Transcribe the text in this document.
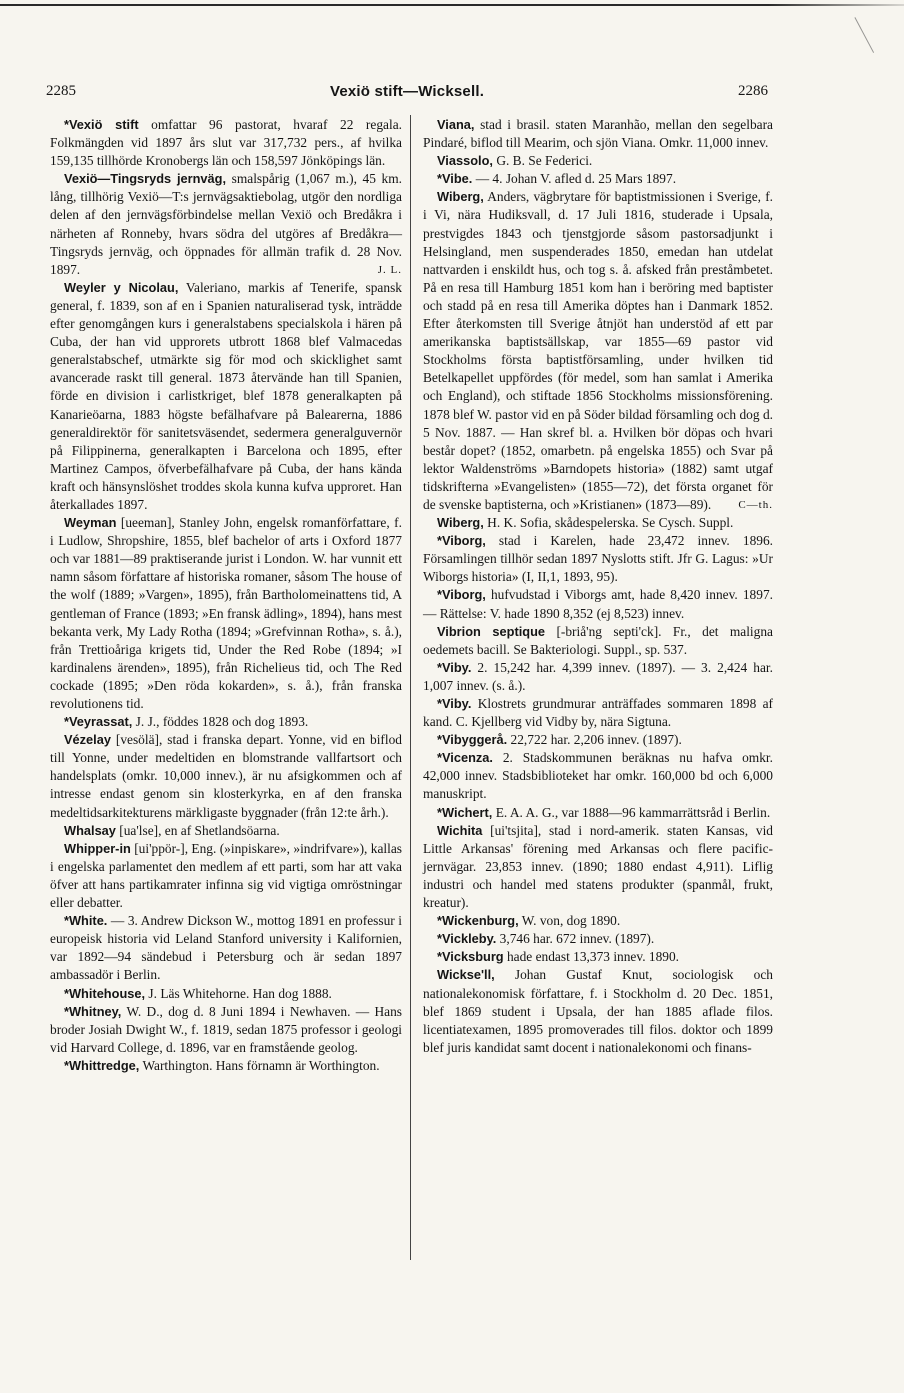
2285	Vexiö stift—Wicksell.	2286

*Vexiö stift omfattar 96 pastorat, hvaraf 22 regala. Folkmängden vid 1897 års slut var 317,732 pers., af hvilka 159,135 tillhörde Kronobergs län och 158,597 Jönköpings län.

Vexiö—Tingsryds jernväg, smalspårig (1,067 m.), 45 km. lång, tillhörig Vexiö—T:s jernvägsaktiebolag, utgör den nordliga delen af den jernvägsförbindelse mellan Vexiö och Bredåkra i närheten af Ronneby, hvars södra del utgöres af Bredåkra—Tingsryds jernväg, och öppnades för allmän trafik d. 28 Nov. 1897.	J. L.

Weyler y Nicolau, Valeriano, markis af Tenerife, spansk general, f. 1839, son af en i Spanien naturaliserad tysk, inträdde efter genomgången kurs i generalstabens specialskola i hären på Cuba, der han vid upprorets utbrott 1868 blef Valmacedas generalstabschef, utmärkte sig för mod och skicklighet samt avancerade raskt till general. 1873 återvände han till Spanien, förde en division i carlistkriget, blef 1878 generalkapten på Kanarieöarna, 1883 högste befälhafvare på Balearerna, 1886 generaldirektör för sanitetsväsendet, sedermera generalguvernör på Filippinerna, generalkapten i Barcelona och 1895, efter Martinez Campos, öfverbefälhafvare på Cuba, der hans kända kraft och hänsynslöshet troddes skola kunna kufva upproret. Han återkallades 1897.

Weyman [ueeman], Stanley John, engelsk romanförfattare, f. i Ludlow, Shropshire, 1855, blef bachelor of arts i Oxford 1877 och var 1881—89 praktiserande jurist i London. W. har vunnit ett namn såsom författare af historiska romaner, såsom The house of the wolf (1889; »Vargen», 1895), från Bartholomeinattens tid, A gentleman of France (1893; »En fransk ädling», 1894), hans mest bekanta verk, My Lady Rotha (1894; »Grefvinnan Rotha», s. å.), från Trettioåriga krigets tid, Under the Red Robe (1894; »I kardinalens ärenden», 1895), från Richelieus tid, och The Red cockade (1895; »Den röda kokarden», s. å.), från franska revolutionens tid.

*Veyrassat, J. J., föddes 1828 och dog 1893.

Vézelay [vesölä], stad i franska depart. Yonne, vid en biflod till Yonne, under medeltiden en blomstrande vallfartsort och handelsplats (omkr. 10,000 innev.), är nu afsigkommen och af intresse endast genom sin klosterkyrka, en af den franska medeltidsarkitekturens märkligaste byggnader (från 12:te årh.).

Whalsay [ua'lse], en af Shetlandsöarna.

Whipper-in [ui'ppör-], Eng. (»inpiskare», »indrifvare»), kallas i engelska parlamentet den medlem af ett parti, som har att vaka öfver att hans partikamrater infinna sig vid vigtiga omröstningar eller debatter.

*White. — 3. Andrew Dickson W., mottog 1891 en professur i europeisk historia vid Leland Stanford university i Kalifornien, var 1892—94 sändebud i Petersburg och är sedan 1897 ambassadör i Berlin.

*Whitehouse, J. Läs Whitehorne. Han dog 1888.

*Whitney, W. D., dog d. 8 Juni 1894 i Newhaven. — Hans broder Josiah Dwight W., f. 1819, sedan 1875 professor i geologi vid Harvard College, d. 1896, var en framstående geolog.

*Whittredge, Warthington. Hans förnamn är Worthington.

Viana, stad i brasil. staten Maranhão, mellan den segelbara Pindaré, biflod till Mearim, och sjön Viana. Omkr. 11,000 innev.

Viassolo, G. B. Se Federici.

*Vibe. — 4. Johan V. afled d. 25 Mars 1897.

Wiberg, Anders, vägbrytare för baptistmissionen i Sverige, f. i Vi, nära Hudiksvall, d. 17 Juli 1816, studerade i Upsala, prestvigdes 1843 och tjenstgjorde såsom pastorsadjunkt i Helsingland, men suspenderades 1850, emedan han utdelat nattvarden i enskildt hus, och tog s. å. afsked från preståmbetet. På en resa till Hamburg 1851 kom han i beröring med baptister och stadd på en resa till Amerika döptes han i Danmark 1852. Efter återkomsten till Sverige åtnjöt han understöd af ett par amerikanska baptistsällskap, var 1855—69 pastor vid Stockholms första baptistförsamling, under hvilken tid Betelkapellet uppfördes (för medel, som han samlat i Amerika och England), och stiftade 1856 Stockholms missionsförening. 1878 blef W. pastor vid en på Söder bildad församling och dog d. 5 Nov. 1887. — Han skref bl. a. Hvilken bör döpas och hvari består dopet? (1852, omarbetn. på engelska 1855) och Svar på lektor Waldenströms »Barndopets historia» (1882) samt utgaf tidskrifterna »Evangelisten» (1855—72), det första organet för de svenske baptisterna, och »Kristianen» (1873—89).	C—th.

Wiberg, H. K. Sofia, skådespelerska. Se Cysch. Suppl.

*Viborg, stad i Karelen, hade 23,472 innev. 1896. Församlingen tillhör sedan 1897 Nyslotts stift. Jfr G. Lagus: »Ur Wiborgs historia» (I, II,1, 1893, 95).

*Viborg, hufvudstad i Viborgs amt, hade 8,420 innev. 1897. — Rättelse: V. hade 1890 8,352 (ej 8,523) innev.

Vibrion septique [-briå'ng septi'ck]. Fr., det maligna oedemets bacill. Se Bakteriologi. Suppl., sp. 537.

*Viby. 2. 15,242 har. 4,399 innev. (1897). — 3. 2,424 har. 1,007 innev. (s. å.).

*Viby. Klostrets grundmurar anträffades sommaren 1898 af kand. C. Kjellberg vid Vidby by, nära Sigtuna.

*Vibyggerå. 22,722 har. 2,206 innev. (1897).

*Vicenza. 2. Stadskommunen beräknas nu hafva omkr. 42,000 innev. Stadsbiblioteket har omkr. 160,000 bd och 6,000 manuskript.

*Wichert, E. A. A. G., var 1888—96 kammarrättsråd i Berlin.

Wichita [ui'tsjita], stad i nord-amerik. staten Kansas, vid Little Arkansas' förening med Arkansas och flere pacific-jernvägar. 23,853 innev. (1890; 1880 endast 4,911). Liflig industri och handel med statens produkter (spanmål, frukt, kreatur).

*Wickenburg, W. von, dog 1890.

*Vickleby. 3,746 har. 672 innev. (1897).

*Vicksburg hade endast 13,373 innev. 1890.

Wickse'll, Johan Gustaf Knut, sociologisk och nationalekonomisk författare, f. i Stockholm d. 20 Dec. 1851, blef 1869 student i Upsala, der han 1885 aflade filos. licentiatexamen, 1895 promoverades till filos. doktor och 1899 blef juris kandidat samt docent i nationalekonomi och finans-
